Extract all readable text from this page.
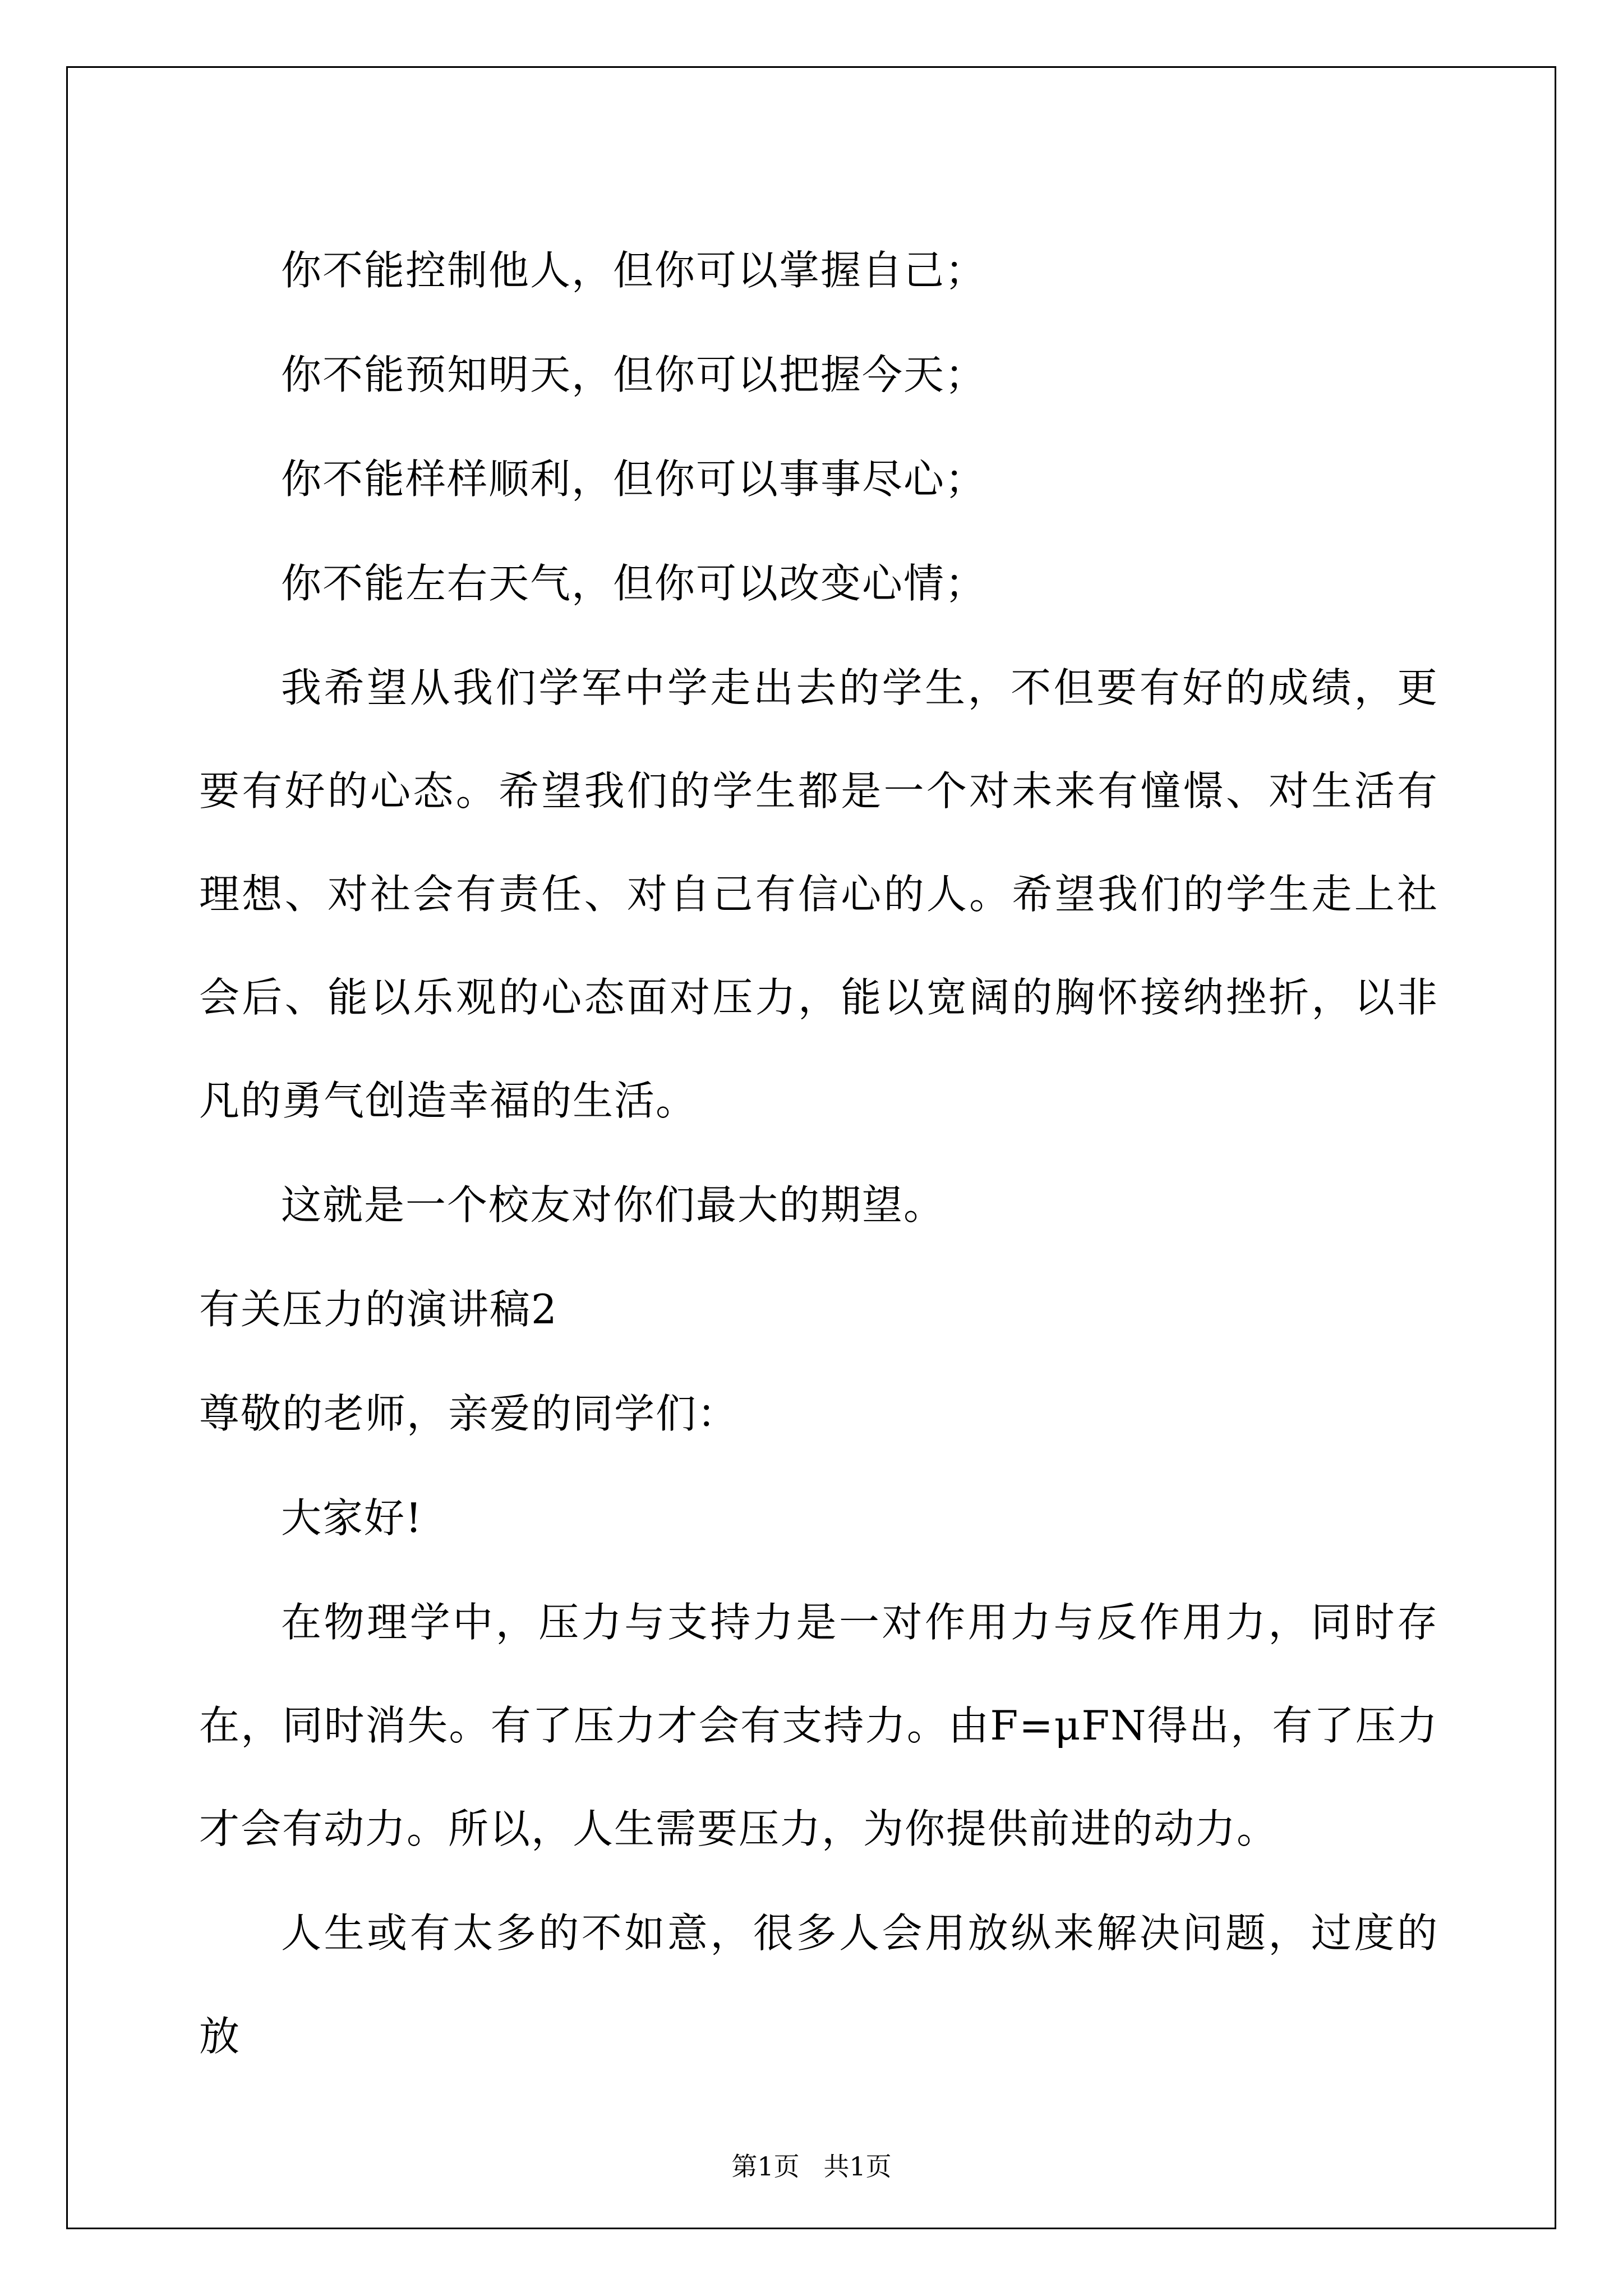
你不能控制他人，但你可以掌握自己；

你不能预知明天，但你可以把握今天；

你不能样样顺利，但你可以事事尽心；

你不能左右天气，但你可以改变心情；

我希望从我们学军中学走出去的学生，不但要有好的成绩，更要有好的心态。希望我们的学生都是一个对未来有憧憬、对生活有理想、对社会有责任、对自己有信心的人。希望我们的学生走上社会后、能以乐观的心态面对压力，能以宽阔的胸怀接纳挫折，以非凡的勇气创造幸福的生活。

这就是一个校友对你们最大的期望。

有关压力的演讲稿2

尊敬的老师，亲爱的同学们：

大家好!

在物理学中，压力与支持力是一对作用力与反作用力，同时存在，同时消失。有了压力才会有支持力。由F=μFN得出，有了压力才会有动力。所以，人生需要压力，为你提供前进的动力。

人生或有太多的不如意，很多人会用放纵来解决问题，过度的放

第1页 共1页
